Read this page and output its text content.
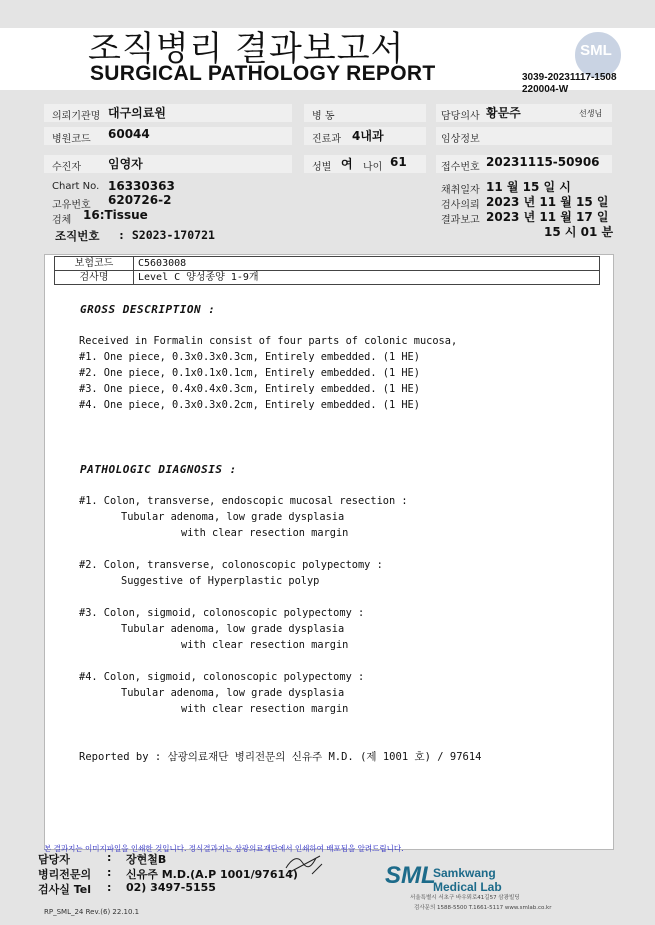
조직병리 결과보고서
SURGICAL PATHOLOGY REPORT
SML
3039-20231117-1508
220004-W
의뢰기관명 대구의료원
병원코드 60044
수진자 임영자
Chart No. 16330363
고유번호 620726-2
검체 16:Tissue
조직번호 : S2023-170721
병 동
진료과 4내과
성별 여 나이 61
담당의사 황문주	선생님
임상정보
접수번호 20231115-50906
채취일자 11 월 15 일 시
검사의뢰 2023 년 11 월 15 일
결과보고 2023 년 11 월 17 일
15 시 01 분
보험코드	C5603008
검사명	Level C 양성종양 1-9개
GROSS DESCRIPTION :
Received in Formalin consist of four parts of colonic mucosa,
#1. One piece, 0.3x0.3x0.3cm, Entirely embedded. (1 HE)
#2. One piece, 0.1x0.1x0.1cm, Entirely embedded. (1 HE)
#3. One piece, 0.4x0.4x0.3cm, Entirely embedded. (1 HE)
#4. One piece, 0.3x0.3x0.2cm, Entirely embedded. (1 HE)
PATHOLOGIC DIAGNOSIS :
#1. Colon, transverse, endoscopic mucosal resection :
Tubular adenoma, low grade dysplasia
with clear resection margin
#2. Colon, transverse, colonoscopic polypectomy :
Suggestive of Hyperplastic polyp
#3. Colon, sigmoid, colonoscopic polypectomy :
Tubular adenoma, low grade dysplasia
with clear resection margin
#4. Colon, sigmoid, colonoscopic polypectomy :
Tubular adenoma, low grade dysplasia
with clear resection margin
Reported by : 삼광의료재단 병리전문의 신유주 M.D. (제 1001 호) / 97614
본 결과지는 이미지파일을 인쇄한 것입니다. 정식결과지는 삼광의료재단에서 인쇄하여 배포됨을 알려드립니다.
담당자	: 장현철B
병리전문의 : 신유주 M.D.(A.P 1001/97614)
검사실 Tel : 02) 3497-5155
RP_SML_24 Rev.(6) 22.10.1
SML
Samkwang
Medical Lab
서울특별시 서초구 바우뫼로41길57 삼광빌딩
검사문의 1588-5500 T.1661-5117 www.smlab.co.kr
